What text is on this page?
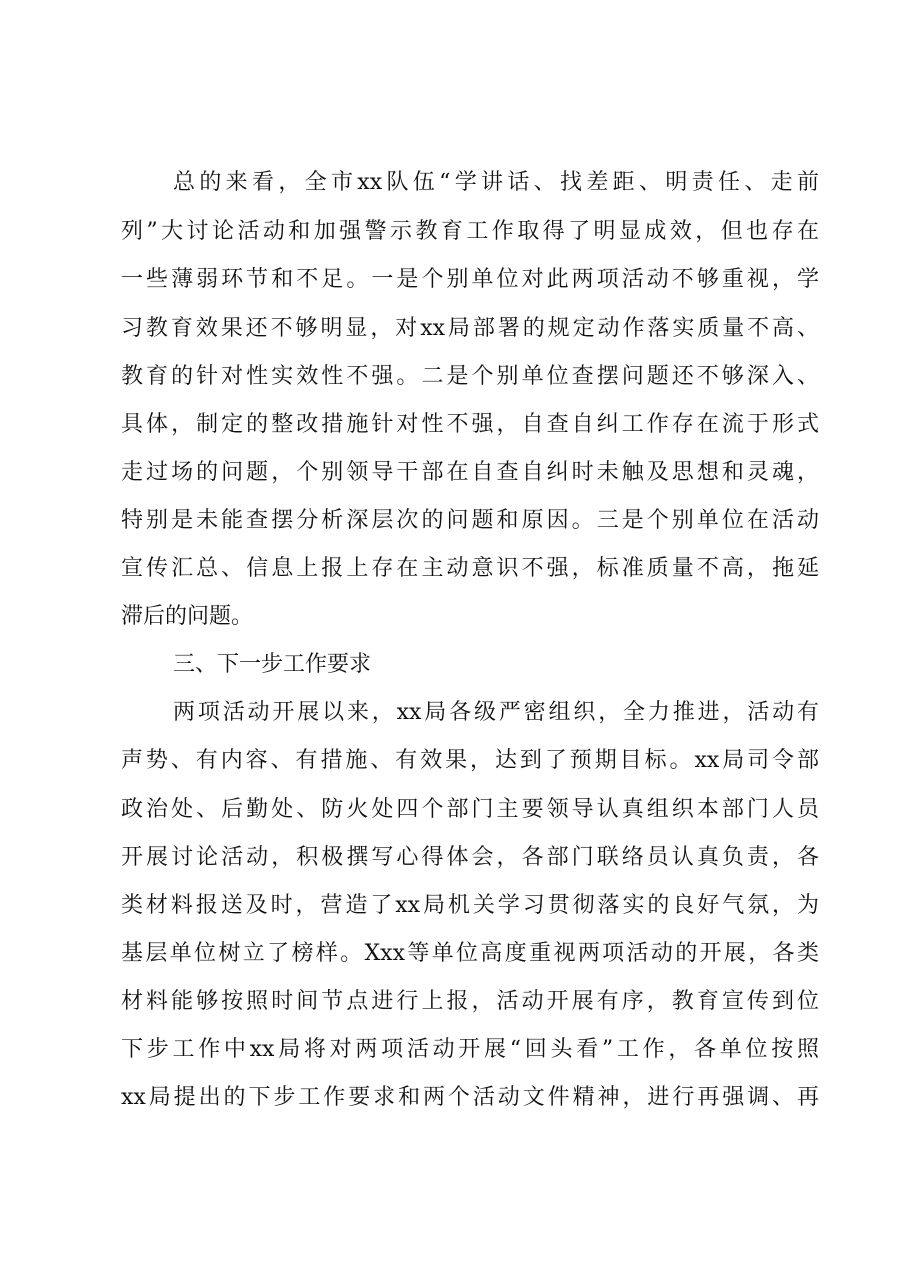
总的来看，全市xx队伍“学讲话、找差距、明责任、走前
列”大讨论活动和加强警示教育工作取得了明显成效，但也存在
一些薄弱环节和不足。一是个别单位对此两项活动不够重视，学
习教育效果还不够明显，对xx局部署的规定动作落实质量不高、
教育的针对性实效性不强。二是个别单位查摆问题还不够深入、
具体，制定的整改措施针对性不强，自查自纠工作存在流于形式
走过场的问题，个别领导干部在自查自纠时未触及思想和灵魂，
特别是未能查摆分析深层次的问题和原因。三是个别单位在活动
宣传汇总、信息上报上存在主动意识不强，标准质量不高，拖延
滞后的问题。
三、下一步工作要求
两项活动开展以来，xx局各级严密组织，全力推进，活动有
声势、有内容、有措施、有效果，达到了预期目标。xx局司令部
政治处、后勤处、防火处四个部门主要领导认真组织本部门人员
开展讨论活动，积极撰写心得体会，各部门联络员认真负责，各
类材料报送及时，营造了xx局机关学习贯彻落实的良好气氛，为
基层单位树立了榜样。Xxx等单位高度重视两项活动的开展，各类
材料能够按照时间节点进行上报，活动开展有序，教育宣传到位
下步工作中xx局将对两项活动开展“回头看”工作，各单位按照
xx局提出的下步工作要求和两个活动文件精神，进行再强调、再
